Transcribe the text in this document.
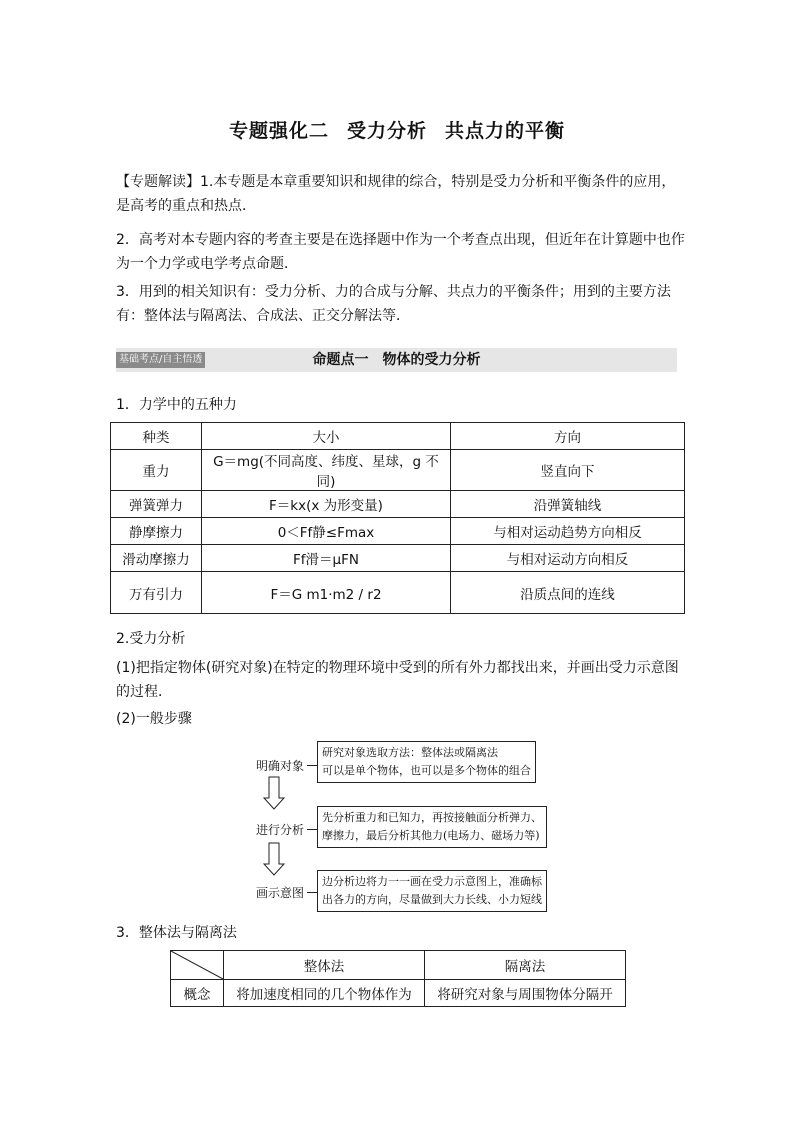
专题强化二 受力分析 共点力的平衡
【专题解读】1.本专题是本章重要知识和规律的综合，特别是受力分析和平衡条件的应用，是高考的重点和热点．
2．高考对本专题内容的考查主要是在选择题中作为一个考查点出现，但近年在计算题中也作为一个力学或电学考点命题．
3．用到的相关知识有：受力分析、力的合成与分解、共点力的平衡条件；用到的主要方法有：整体法与隔离法、合成法、正交分解法等．
命题点一　物体的受力分析
基础考点/自主悟透
1．力学中的五种力
种类	大小	方向
重力	G＝mg(不同高度、纬度、星球，g 不同)	竖直向下
弹簧弹力	F＝kx(x 为形变量)	沿弹簧轴线
静摩擦力	0＜Ff静≤Fmax	与相对运动趋势方向相反
滑动摩擦力	Ff滑＝μFN	与相对运动方向相反
万有引力	F＝G m1·m2 / r2	沿质点间的连线
2.受力分析
(1)把指定物体(研究对象)在特定的物理环境中受到的所有外力都找出来，并画出受力示意图的过程．
(2)一般步骤
明确对象
研究对象选取方法：整体法或隔离法
可以是单个物体，也可以是多个物体的组合
进行分析
先分析重力和已知力，再按接触面分析弹力、
摩擦力，最后分析其他力(电场力、磁场力等)
画示意图
边分析边将力一一画在受力示意图上，准确标
出各力的方向，尽量做到大力长线、小力短线
3．整体法与隔离法
	整体法	隔离法
概念	将加速度相同的几个物体作为	将研究对象与周围物体分隔开
